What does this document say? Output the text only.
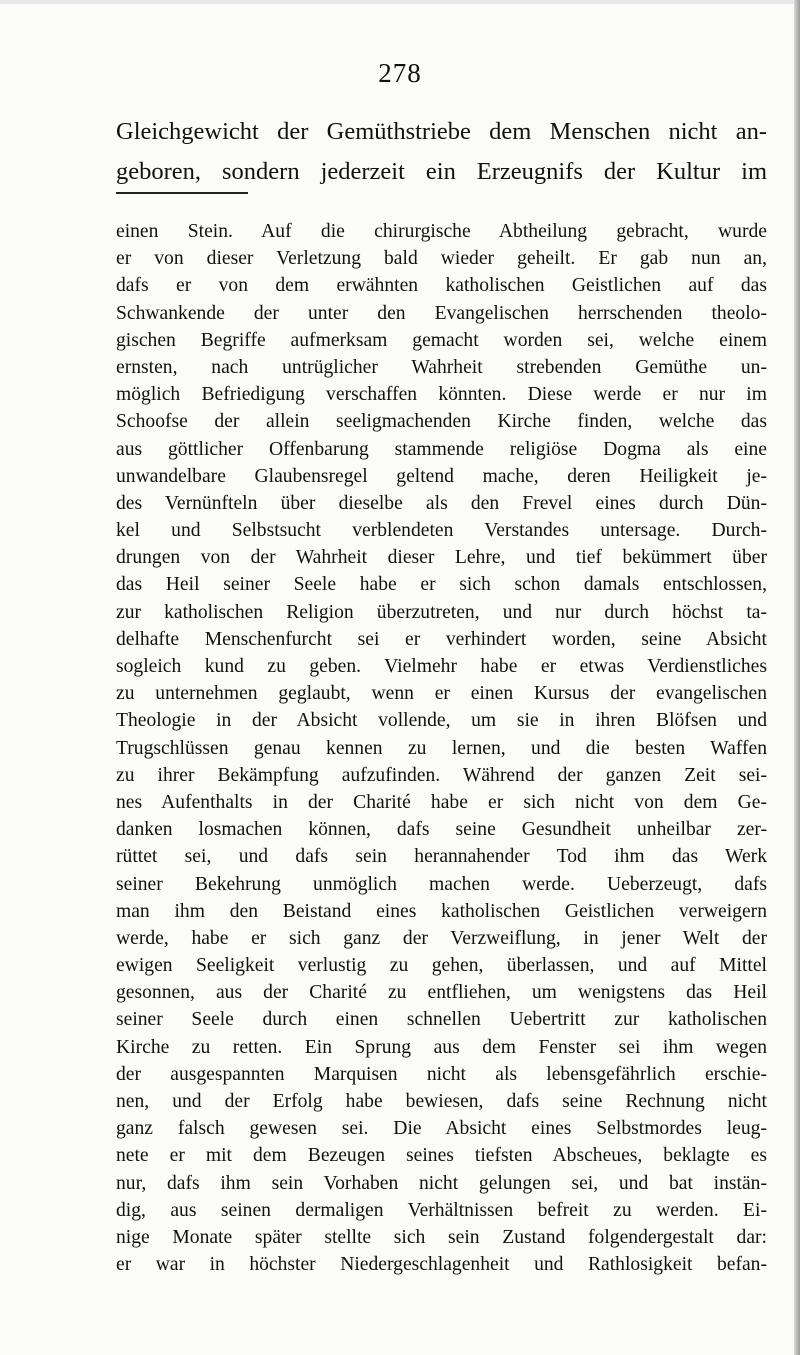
278
Gleichgewicht der Gemüthstriebe dem Menschen nicht an-
geboren, sondern jederzeit ein Erzeugnifs der Kultur im
einen Stein. Auf die chirurgische Abtheilung gebracht, wurde
er von dieser Verletzung bald wieder geheilt. Er gab nun an,
dafs er von dem erwähnten katholischen Geistlichen auf das
Schwankende der unter den Evangelischen herrschenden theolo-
gischen Begriffe aufmerksam gemacht worden sei, welche einem
ernsten, nach untrüglicher Wahrheit strebenden Gemüthe un-
möglich Befriedigung verschaffen könnten. Diese werde er nur im
Schoofse der allein seeligmachenden Kirche finden, welche das
aus göttlicher Offenbarung stammende religiöse Dogma als eine
unwandelbare Glaubensregel geltend mache, deren Heiligkeit je-
des Vernünfteln über dieselbe als den Frevel eines durch Dün-
kel und Selbstsucht verblendeten Verstandes untersage. Durch-
drungen von der Wahrheit dieser Lehre, und tief bekümmert über
das Heil seiner Seele habe er sich schon damals entschlossen,
zur katholischen Religion überzutreten, und nur durch höchst ta-
delhafte Menschenfurcht sei er verhindert worden, seine Absicht
sogleich kund zu geben. Vielmehr habe er etwas Verdienstliches
zu unternehmen geglaubt, wenn er einen Kursus der evangelischen
Theologie in der Absicht vollende, um sie in ihren Blöfsen und
Trugschlüssen genau kennen zu lernen, und die besten Waffen
zu ihrer Bekämpfung aufzufinden. Während der ganzen Zeit sei-
nes Aufenthalts in der Charité habe er sich nicht von dem Ge-
danken losmachen können, dafs seine Gesundheit unheilbar zer-
rüttet sei, und dafs sein herannahender Tod ihm das Werk
seiner Bekehrung unmöglich machen werde. Ueberzeugt, dafs
man ihm den Beistand eines katholischen Geistlichen verweigern
werde, habe er sich ganz der Verzweiflung, in jener Welt der
ewigen Seeligkeit verlustig zu gehen, überlassen, und auf Mittel
gesonnen, aus der Charité zu entfliehen, um wenigstens das Heil
seiner Seele durch einen schnellen Uebertritt zur katholischen
Kirche zu retten. Ein Sprung aus dem Fenster sei ihm wegen
der ausgespannten Marquisen nicht als lebensgefährlich erschie-
nen, und der Erfolg habe bewiesen, dafs seine Rechnung nicht
ganz falsch gewesen sei. Die Absicht eines Selbstmordes leug-
nete er mit dem Bezeugen seines tiefsten Abscheues, beklagte es
nur, dafs ihm sein Vorhaben nicht gelungen sei, und bat instän-
dig, aus seinen dermaligen Verhältnissen befreit zu werden. Ei-
nige Monate später stellte sich sein Zustand folgendergestalt dar:
er war in höchster Niedergeschlagenheit und Rathlosigkeit befan-
